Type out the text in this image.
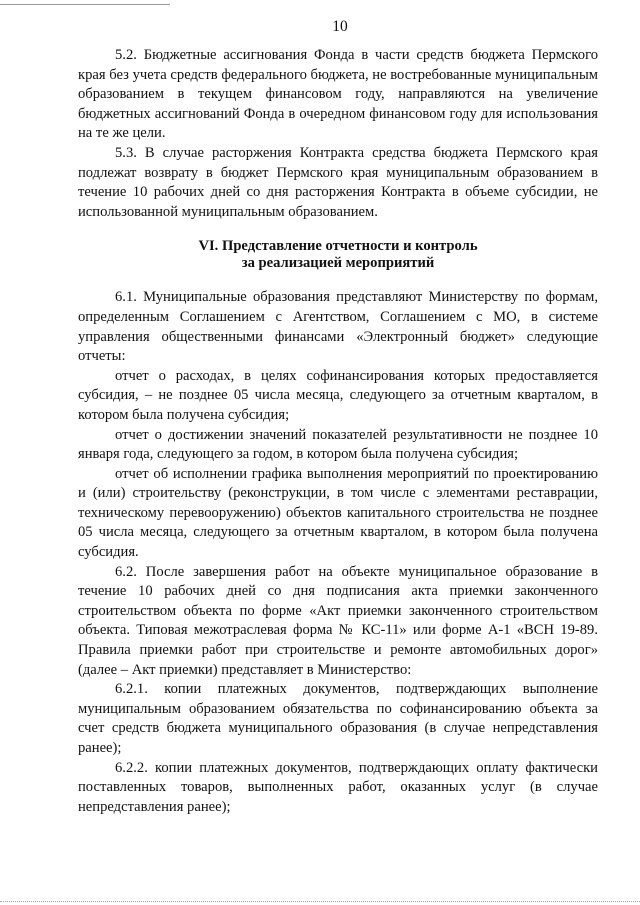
10

5.2. Бюджетные ассигнования Фонда в части средств бюджета Пермского края без учета средств федерального бюджета, не востребованные муниципальным образованием в текущем финансовом году, направляются на увеличение бюджетных ассигнований Фонда в очередном финансовом году для использования на те же цели.

5.3. В случае расторжения Контракта средства бюджета Пермского края подлежат возврату в бюджет Пермского края муниципальным образованием в течение 10 рабочих дней со дня расторжения Контракта в объеме субсидии, не использованной муниципальным образованием.

VI. Представление отчетности и контроль
за реализацией мероприятий

6.1. Муниципальные образования представляют Министерству по формам, определенным Соглашением с Агентством, Соглашением с МО, в системе управления общественными финансами «Электронный бюджет» следующие отчеты:

отчет о расходах, в целях софинансирования которых предоставляется субсидия, – не позднее 05 числа месяца, следующего за отчетным кварталом, в котором была получена субсидия;

отчет о достижении значений показателей результативности не позднее 10 января года, следующего за годом, в котором была получена субсидия;

отчет об исполнении графика выполнения мероприятий по проектированию и (или) строительству (реконструкции, в том числе с элементами реставрации, техническому перевооружению) объектов капитального строительства не позднее 05 числа месяца, следующего за отчетным кварталом, в котором была получена субсидия.

6.2. После завершения работ на объекте муниципальное образование в течение 10 рабочих дней со дня подписания акта приемки законченного строительством объекта по форме «Акт приемки законченного строительством объекта. Типовая межотраслевая форма № КС-11» или форме А-1 «ВСН 19-89. Правила приемки работ при строительстве и ремонте автомобильных дорог» (далее – Акт приемки) представляет в Министерство:

6.2.1. копии платежных документов, подтверждающих выполнение муниципальным образованием обязательства по софинансированию объекта за счет средств бюджета муниципального образования (в случае непредставления ранее);

6.2.2. копии платежных документов, подтверждающих оплату фактически поставленных товаров, выполненных работ, оказанных услуг (в случае непредставления ранее);
